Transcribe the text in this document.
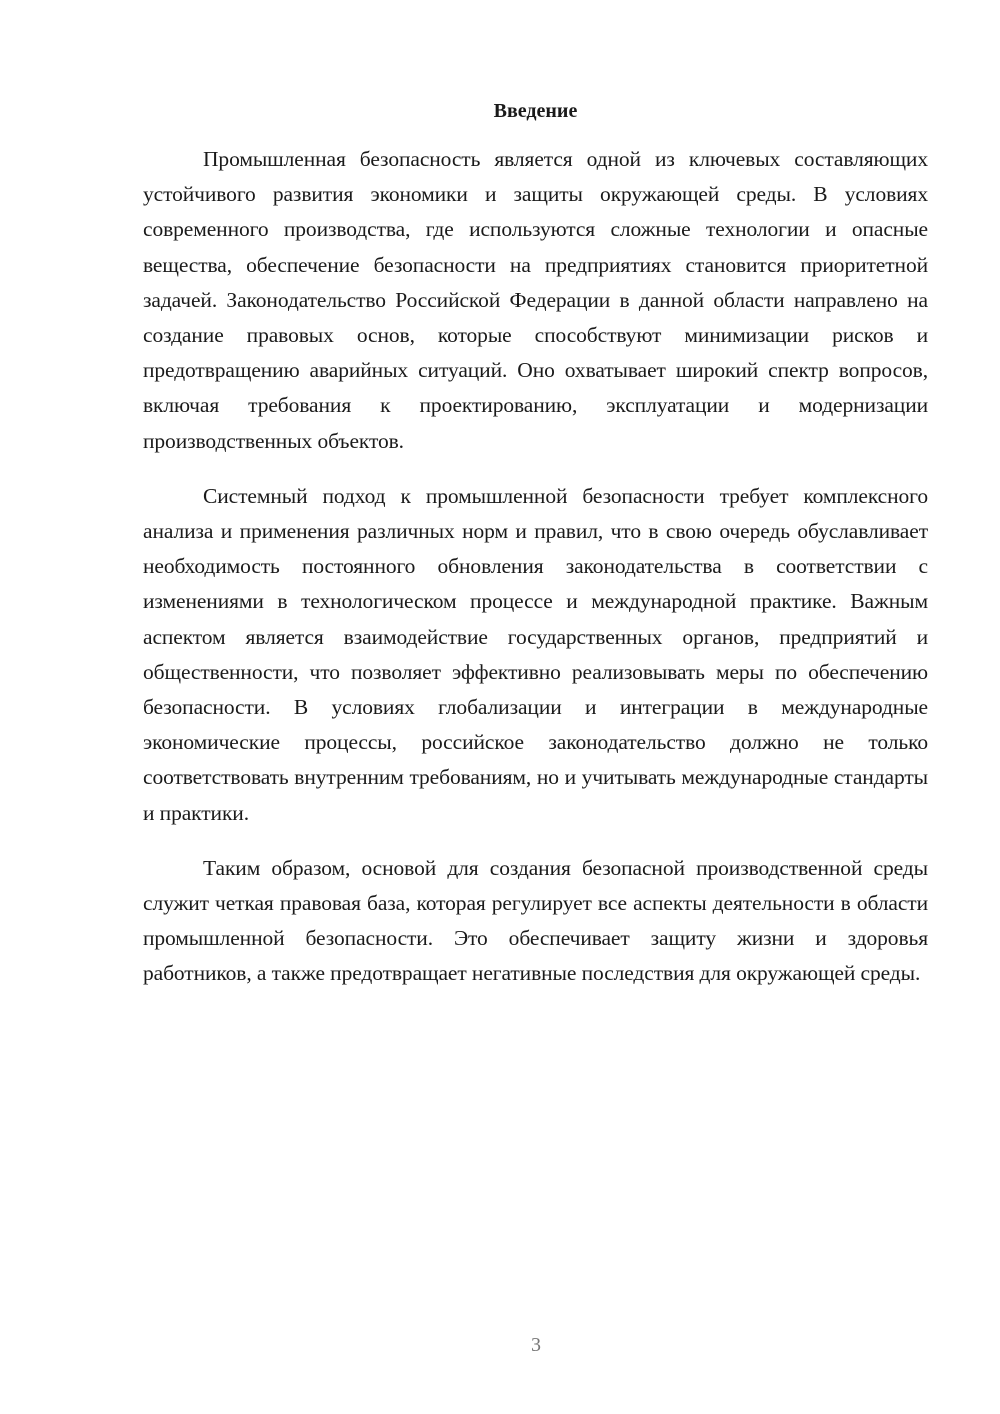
Введение

Промышленная безопасность является одной из ключевых составляющих устойчивого развития экономики и защиты окружающей среды. В условиях современного производства, где используются сложные технологии и опасные вещества, обеспечение безопасности на предприятиях становится приоритетной задачей. Законодательство Российской Федерации в данной области направлено на создание правовых основ, которые способствуют минимизации рисков и предотвращению аварийных ситуаций. Оно охватывает широкий спектр вопросов, включая требования к проектированию, эксплуатации и модернизации производственных объектов.

Системный подход к промышленной безопасности требует комплексного анализа и применения различных норм и правил, что в свою очередь обуславливает необходимость постоянного обновления законодательства в соответствии с изменениями в технологическом процессе и международной практике. Важным аспектом является взаимодействие государственных органов, предприятий и общественности, что позволяет эффективно реализовывать меры по обеспечению безопасности. В условиях глобализации и интеграции в международные экономические процессы, российское законодательство должно не только соответствовать внутренним требованиям, но и учитывать международные стандарты и практики.

Таким образом, основой для создания безопасной производственной среды служит четкая правовая база, которая регулирует все аспекты деятельности в области промышленной безопасности. Это обеспечивает защиту жизни и здоровья работников, а также предотвращает негативные последствия для окружающей среды.

3
